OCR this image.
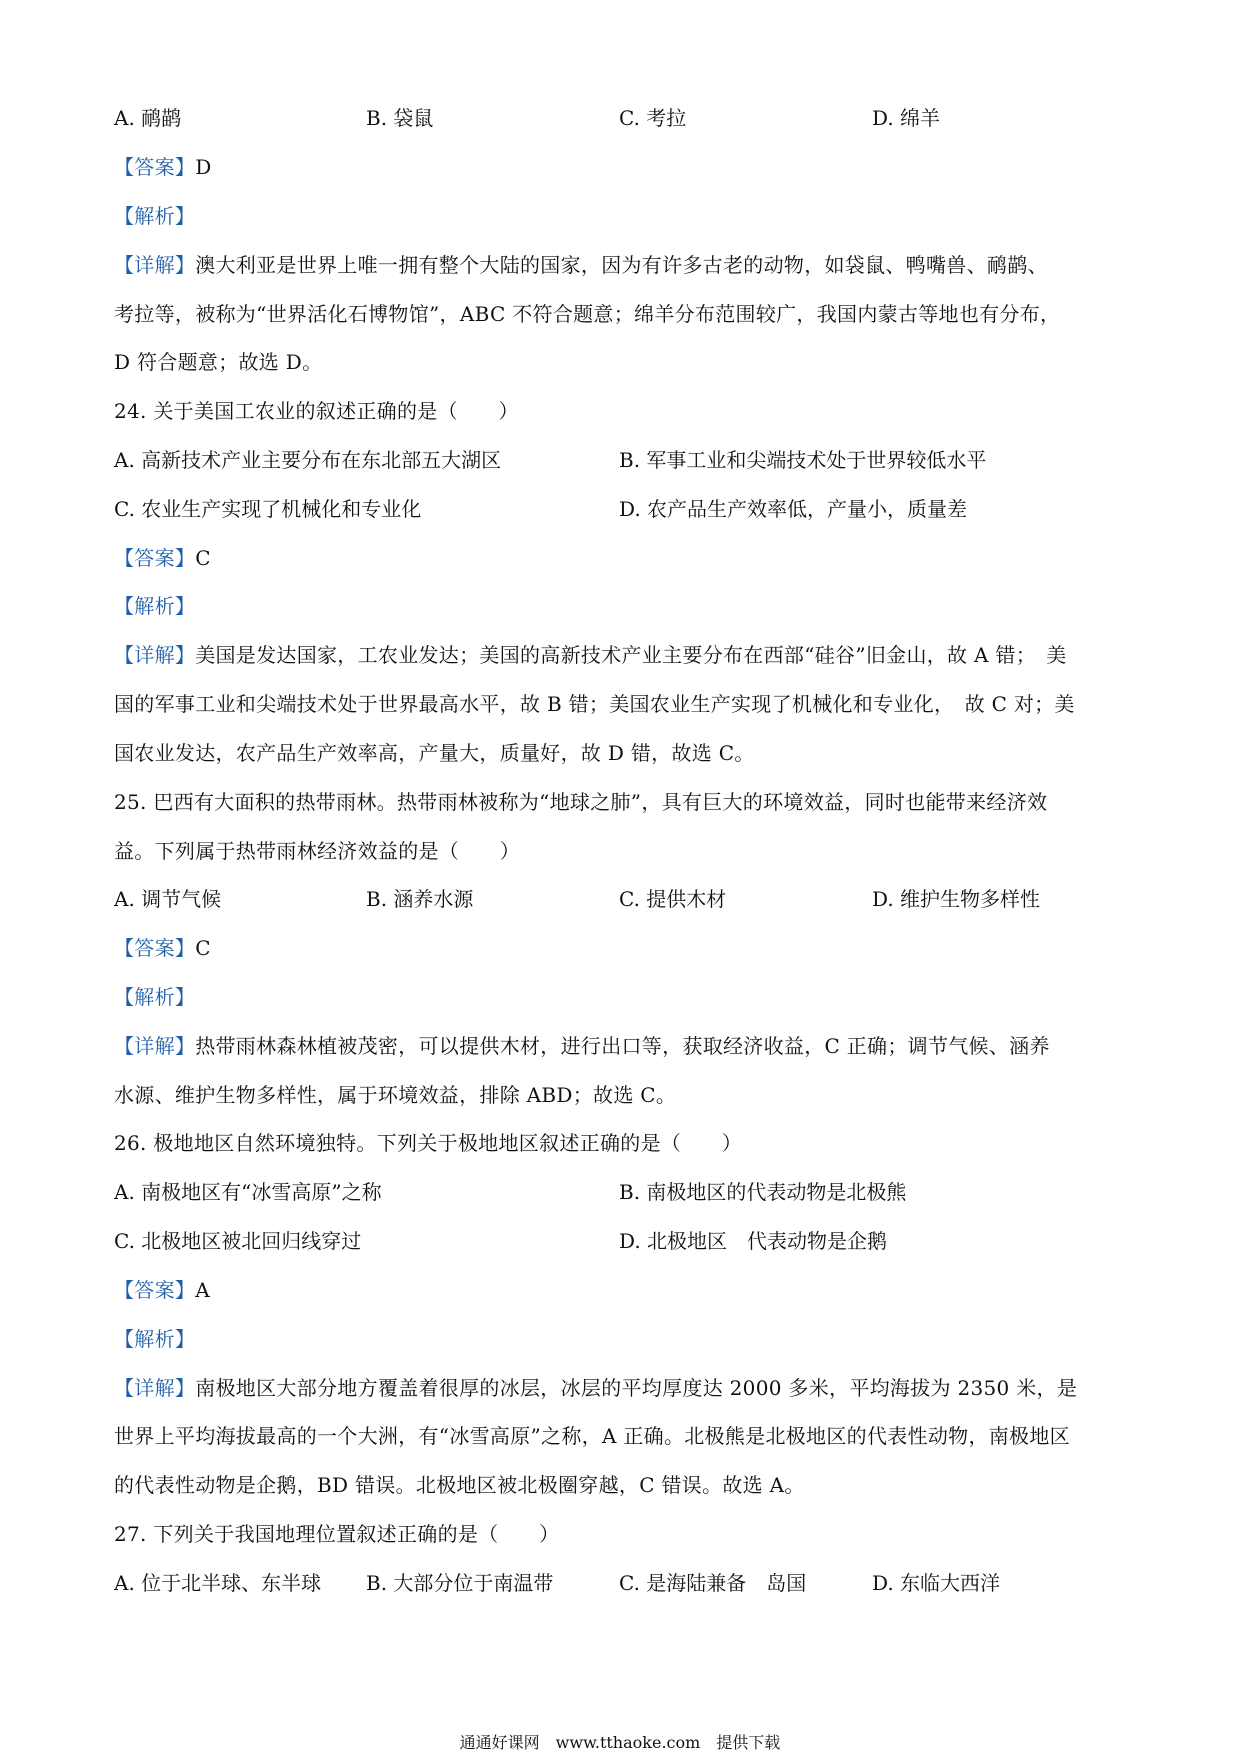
A. 鸸鹋	B. 袋鼠	C. 考拉	D. 绵羊
【答案】D
【解析】
【详解】澳大利亚是世界上唯一拥有整个大陆的国家，因为有许多古老的动物，如袋鼠、鸭嘴兽、鸸鹋、
考拉等，被称为“世界活化石博物馆”，ABC 不符合题意；绵羊分布范围较广，我国内蒙古等地也有分布，
D 符合题意；故选 D。
24. 关于美国工农业的叙述正确的是（　　）
A. 高新技术产业主要分布在东北部五大湖区	B. 军事工业和尖端技术处于世界较低水平
C. 农业生产实现了机械化和专业化	D. 农产品生产效率低，产量小，质量差
【答案】C
【解析】
【详解】美国是发达国家，工农业发达；美国的高新技术产业主要分布在西部“硅谷”旧金山，故 A 错；　美
国的军事工业和尖端技术处于世界最高水平，故 B 错；美国农业生产实现了机械化和专业化，　故 C 对；美
国农业发达，农产品生产效率高，产量大，质量好，故 D 错，故选 C。
25. 巴西有大面积的热带雨林。热带雨林被称为“地球之肺”，具有巨大的环境效益，同时也能带来经济效
益。下列属于热带雨林经济效益的是（　　）
A. 调节气候	B. 涵养水源	C. 提供木材	D. 维护生物多样性
【答案】C
【解析】
【详解】热带雨林森林植被茂密，可以提供木材，进行出口等，获取经济收益，C 正确；调节气候、涵养
水源、维护生物多样性，属于环境效益，排除 ABD；故选 C。
26. 极地地区自然环境独特。下列关于极地地区叙述正确的是（　　）
A. 南极地区有“冰雪高原”之称	B. 南极地区的代表动物是北极熊
C. 北极地区被北回归线穿过	D. 北极地区　代表动物是企鹅
【答案】A
【解析】
【详解】南极地区大部分地方覆盖着很厚的冰层，冰层的平均厚度达 2000 多米，平均海拔为 2350 米，是
世界上平均海拔最高的一个大洲，有“冰雪高原”之称，A 正确。北极熊是北极地区的代表性动物，南极地区
的代表性动物是企鹅，BD 错误。北极地区被北极圈穿越，C 错误。故选 A。
27. 下列关于我国地理位置叙述正确的是（　　）
A. 位于北半球、东半球 B. 大部分位于南温带	C. 是海陆兼备　岛国	D. 东临大西洋
通通好课网　www.tthaoke.com　提供下载
